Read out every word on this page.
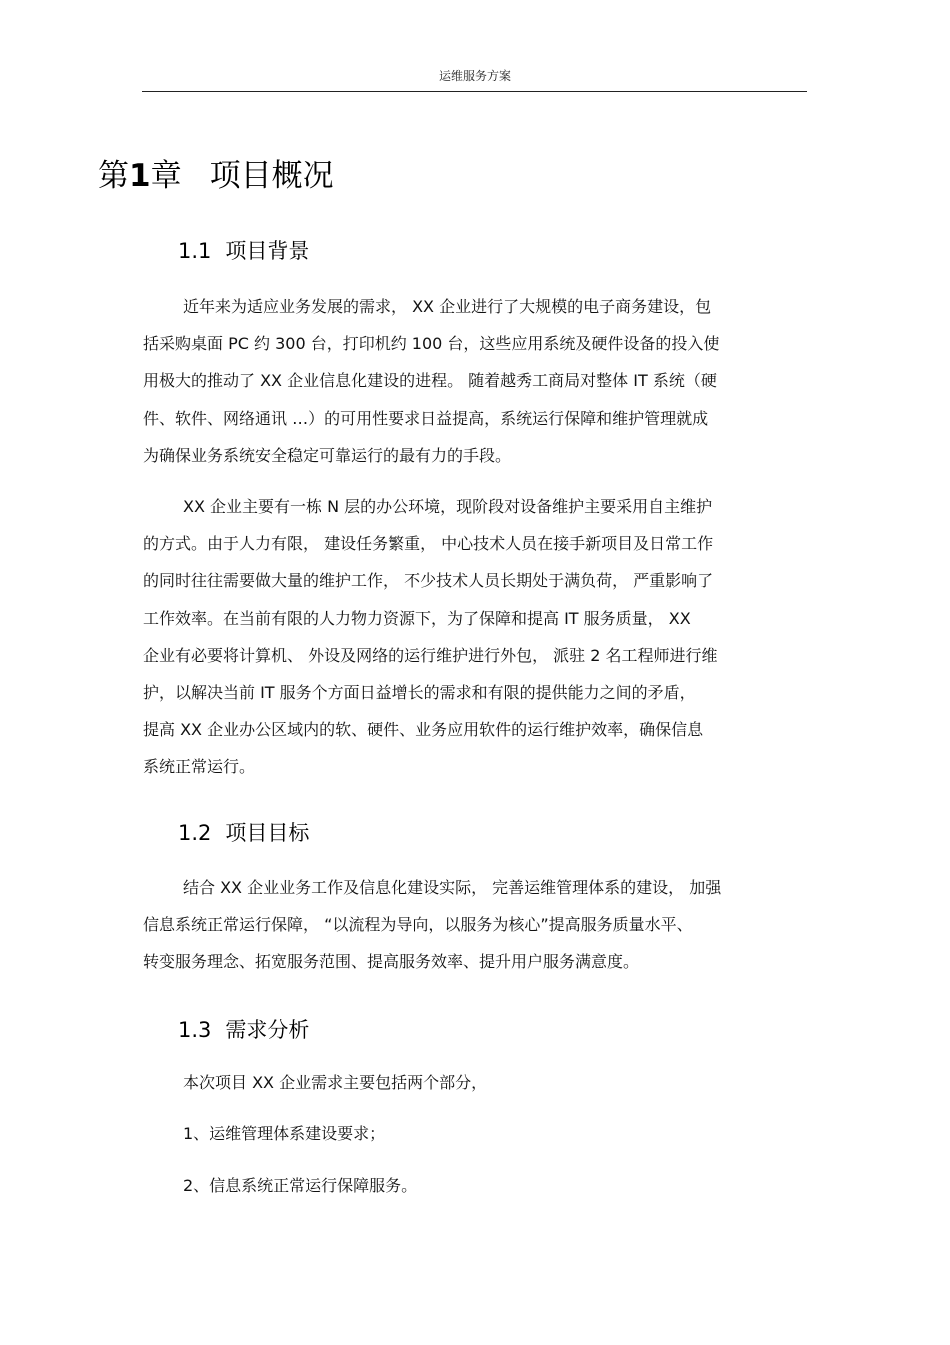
运维服务方案
第1章 项目概况
1.1 项目背景
近年来为适应业务发展的需求， XX 企业进行了大规模的电子商务建设，包
括采购桌面 PC 约 300 台，打印机约 100 台，这些应用系统及硬件设备的投入使
用极大的推动了 XX 企业信息化建设的进程。 随着越秀工商局对整体 IT 系统（硬
件、软件、网络通讯 …）的可用性要求日益提高，系统运行保障和维护管理就成
为确保业务系统安全稳定可靠运行的最有力的手段。
XX 企业主要有一栋 N 层的办公环境，现阶段对设备维护主要采用自主维护
的方式。由于人力有限， 建设任务繁重， 中心技术人员在接手新项目及日常工作
的同时往往需要做大量的维护工作， 不少技术人员长期处于满负荷， 严重影响了
工作效率。在当前有限的人力物力资源下，为了保障和提高 IT 服务质量， XX
企业有必要将计算机、 外设及网络的运行维护进行外包， 派驻 2 名工程师进行维
护，以解决当前 IT 服务个方面日益增长的需求和有限的提供能力之间的矛盾，
提高 XX 企业办公区域内的软、硬件、业务应用软件的运行维护效率，确保信息
系统正常运行。
1.2 项目目标
结合 XX 企业业务工作及信息化建设实际， 完善运维管理体系的建设， 加强
信息系统正常运行保障， “以流程为导向，以服务为核心”提高服务质量水平、
转变服务理念、拓宽服务范围、提高服务效率、提升用户服务满意度。
1.3 需求分析
本次项目 XX 企业需求主要包括两个部分，
1、运维管理体系建设要求；
2、信息系统正常运行保障服务。
